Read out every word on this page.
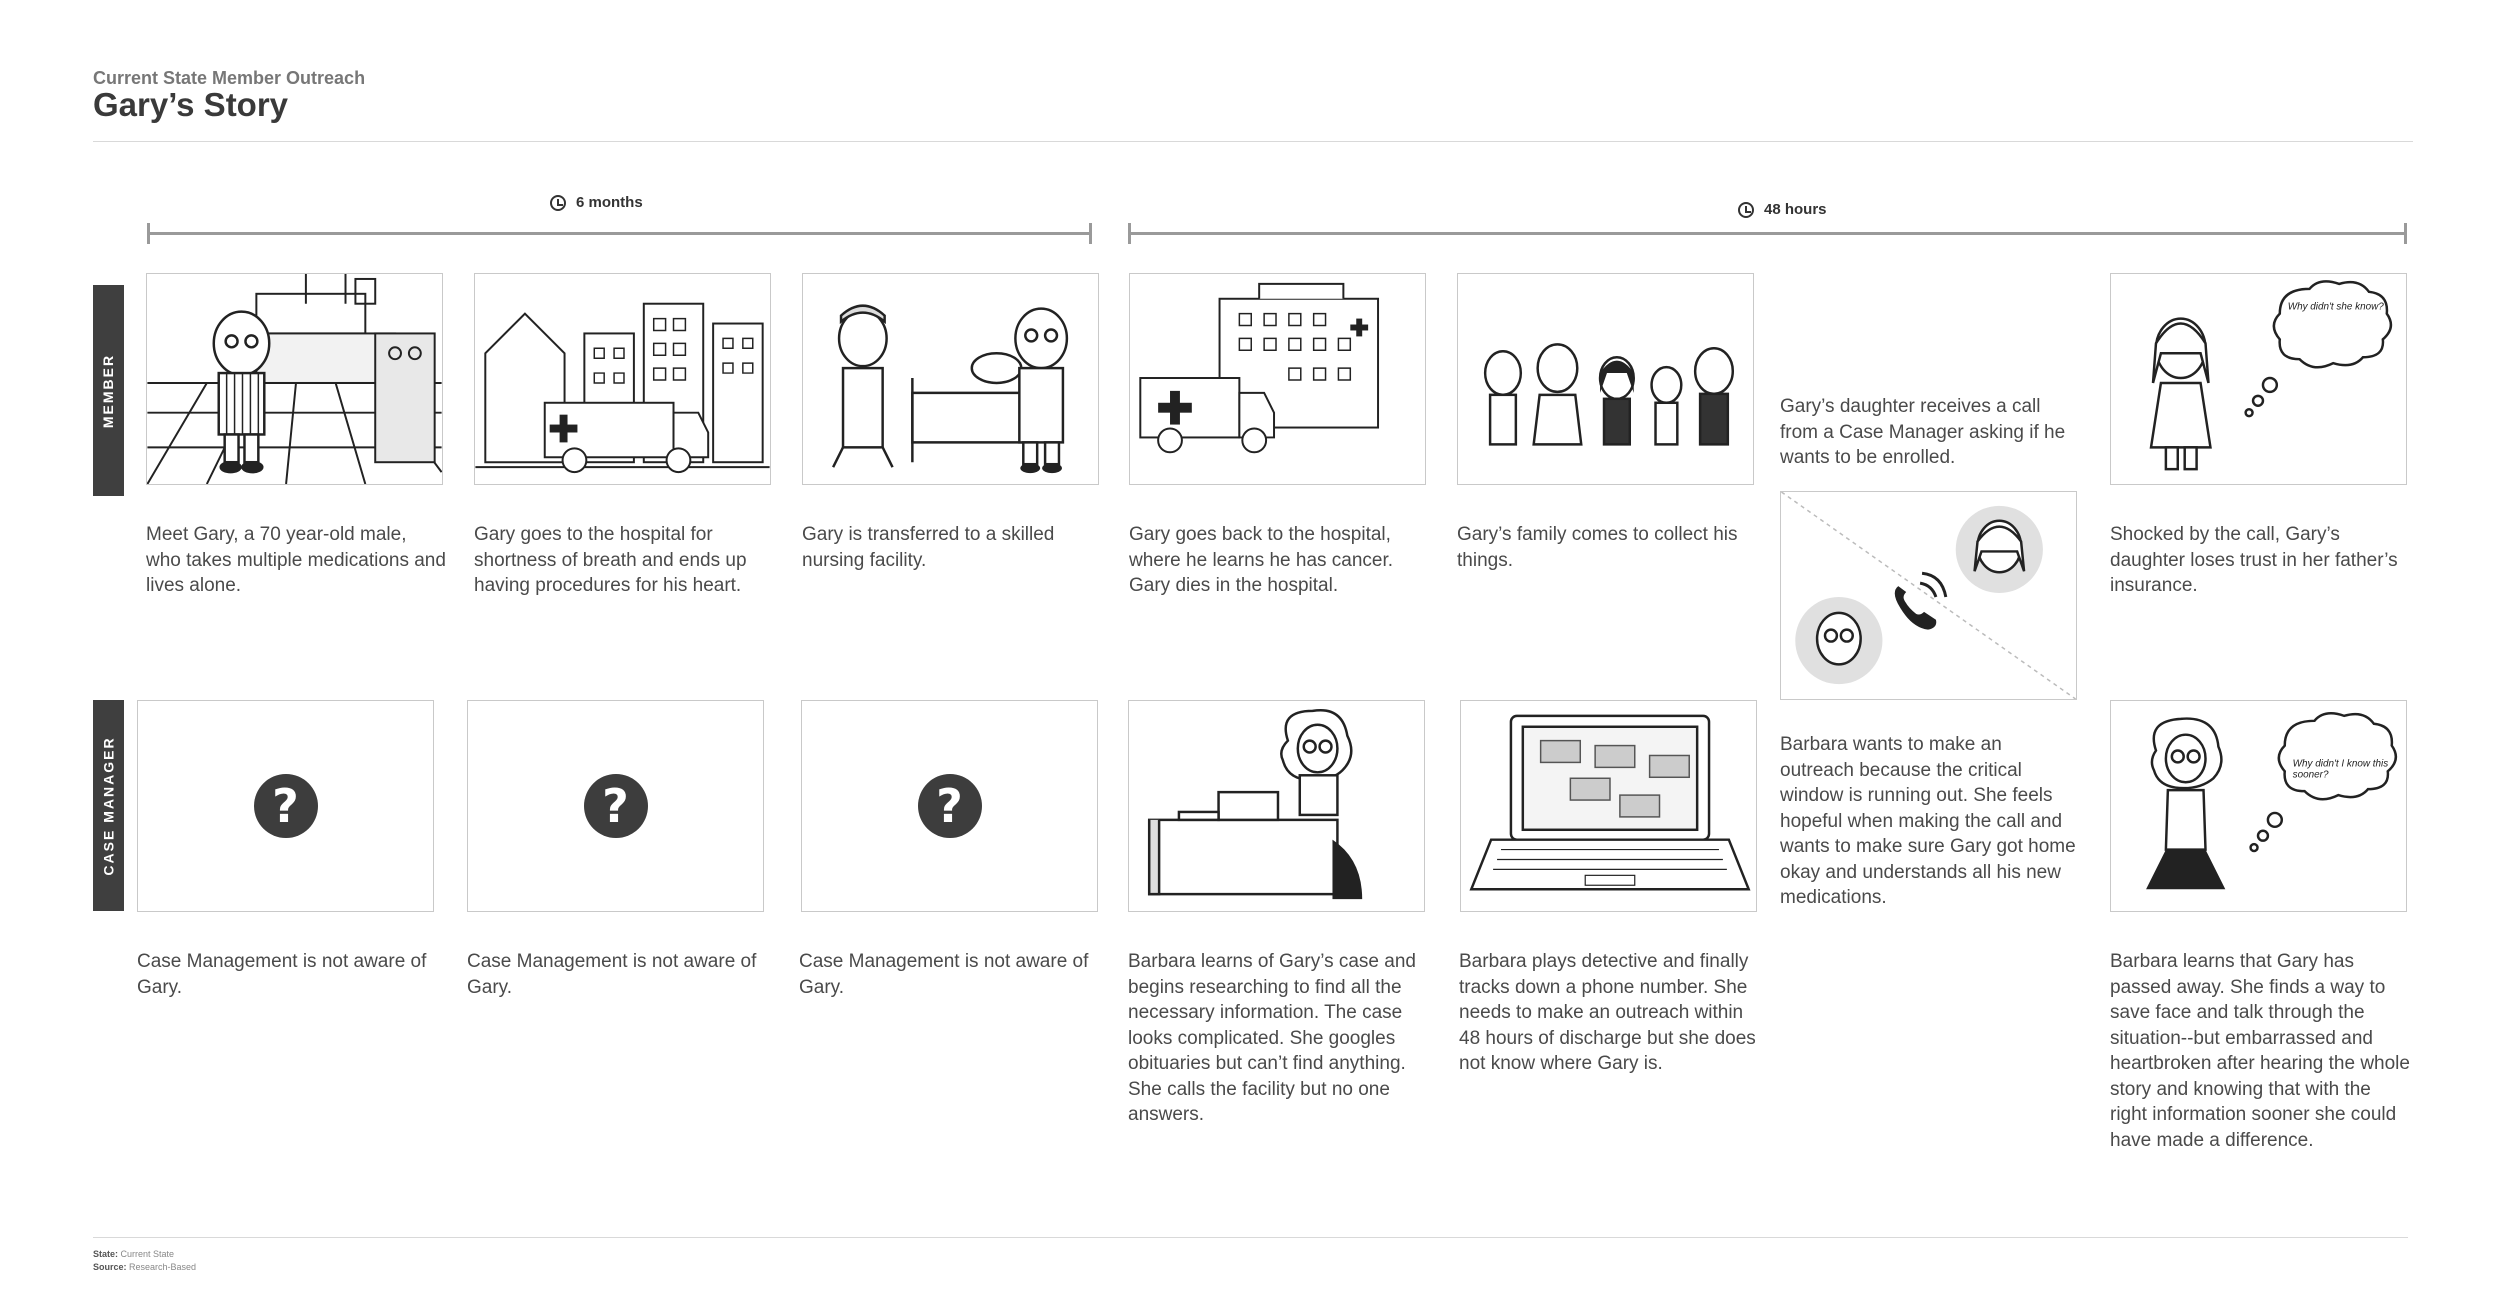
Current State Member Outreach
Gary’s Story
6 months	48 hours
MEMBER
CASE MANAGER
Gary’s daughter receives a call from a Case Manager asking if he wants to be enrolled.
Why didn't she know?
Meet Gary, a 70 year-old male, who takes multiple medications and lives alone.
Gary goes to the hospital for shortness of breath and ends up having procedures for his heart.
Gary is transferred to a skilled nursing facility.
Gary goes back to the hospital, where he learns he has cancer. Gary dies in the hospital.
Gary’s family comes to collect his things.
Shocked by the call, Gary’s daughter loses trust in her father’s insurance.
?	?	?
Why didn't I know this sooner?
Case Management is not aware of Gary.
Case Management is not aware of Gary.
Case Management is not aware of Gary.
Barbara learns of Gary’s case and begins researching to find all the necessary information. The case looks complicated. She googles obituaries but can’t find anything. She calls the facility but no one answers.
Barbara plays detective and finally tracks down a phone number. She needs to make an outreach within 48 hours of discharge but she does not know where Gary is.
Barbara wants to make an outreach because the critical window is running out. She feels hopeful when making the call and wants to make sure Gary got home okay and understands all his new medications.
Barbara learns that Gary has passed away. She finds a way to save face and talk through the situation--but embarrassed and heartbroken after hearing the whole story and knowing that with the right information sooner she could have made a difference.
State: Current State
Source: Research-Based
